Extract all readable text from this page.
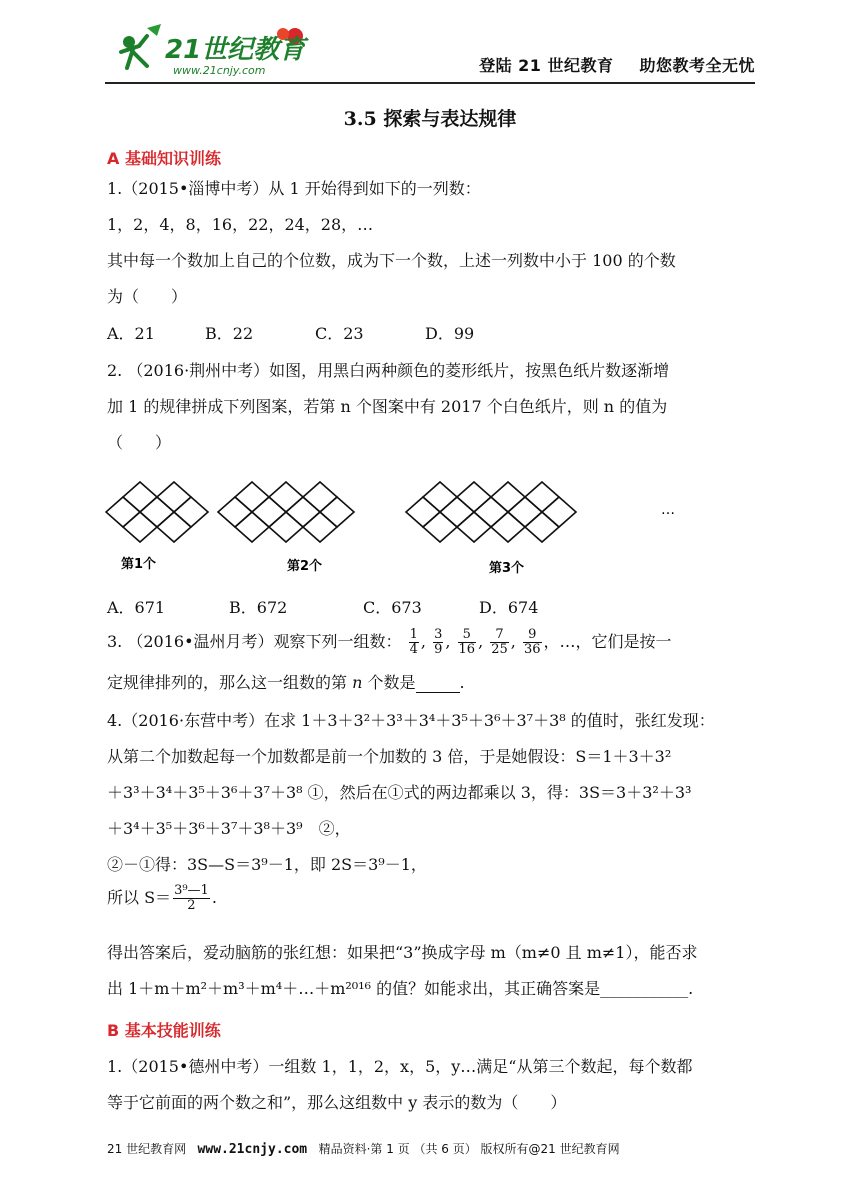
21世纪教育
www.21cnjy.com	登陆 21 世纪教育 助您教考全无忧
3.5 探索与表达规律
A 基础知识训练
1.（2015•淄博中考）从 1 开始得到如下的一列数：
1，2，4，8，16，22，24，28，…
其中每一个数加上自己的个位数，成为下一个数，上述一列数中小于 100 的个数
为（　　）
A．21	B．22	C．23	D．99
2. （2016·荆州中考）如图，用黑白两种颜色的菱形纸片，按黑色纸片数逐渐增
加 1 的规律拼成下列图案，若第 n 个图案中有 2017 个白色纸片，则 n 的值为
（　　）
第1个	第2个	第3个
…
A．671	B．672	C．673	D．674
3. （2016•温州月考）观察下列一组数： $\frac{1}{4}$ , $\frac{3}{9}$ , $\frac{5}{16}$ , $\frac{7}{25}$ , $\frac{9}{36}$ ，…，它们是按一
定规律排列的，那么这一组数的第 n 个数是	.
4.（2016·东营中考）在求 1＋3＋3²＋3³＋3⁴＋3⁵＋3⁶＋3⁷＋3⁸ 的值时，张红发现：
从第二个加数起每一个加数都是前一个加数的 3 倍，于是她假设：S＝1＋3＋3²
＋3³＋3⁴＋3⁵＋3⁶＋3⁷＋3⁸ ①，然后在①式的两边都乘以 3，得：3S＝3＋3²＋3³
＋3⁴＋3⁵＋3⁶＋3⁷＋3⁸＋3⁹　②，
②－①得：3S—S＝3⁹－1，即 2S＝3⁹－1，
所以 $S= \frac{\text{3⁹—1}}{2}$ .
得出答案后，爱动脑筋的张红想：如果把“3”换成字母 m（m≠0 且 m≠1），能否求
出 1＋m＋m²＋m³＋m⁴＋…＋m²⁰¹⁶ 的值？如能求出，其正确答案是___________.
B 基本技能训练
1.（2015•德州中考）一组数 1，1，2，x，5，y…满足“从第三个数起，每个数都
等于它前面的两个数之和”，那么这组数中 y 表示的数为（　　）
21 世纪教育网 www.21cnjy.com 精品资料·第 1 页 （共 6 页） 版权所有@21 世纪教育网
